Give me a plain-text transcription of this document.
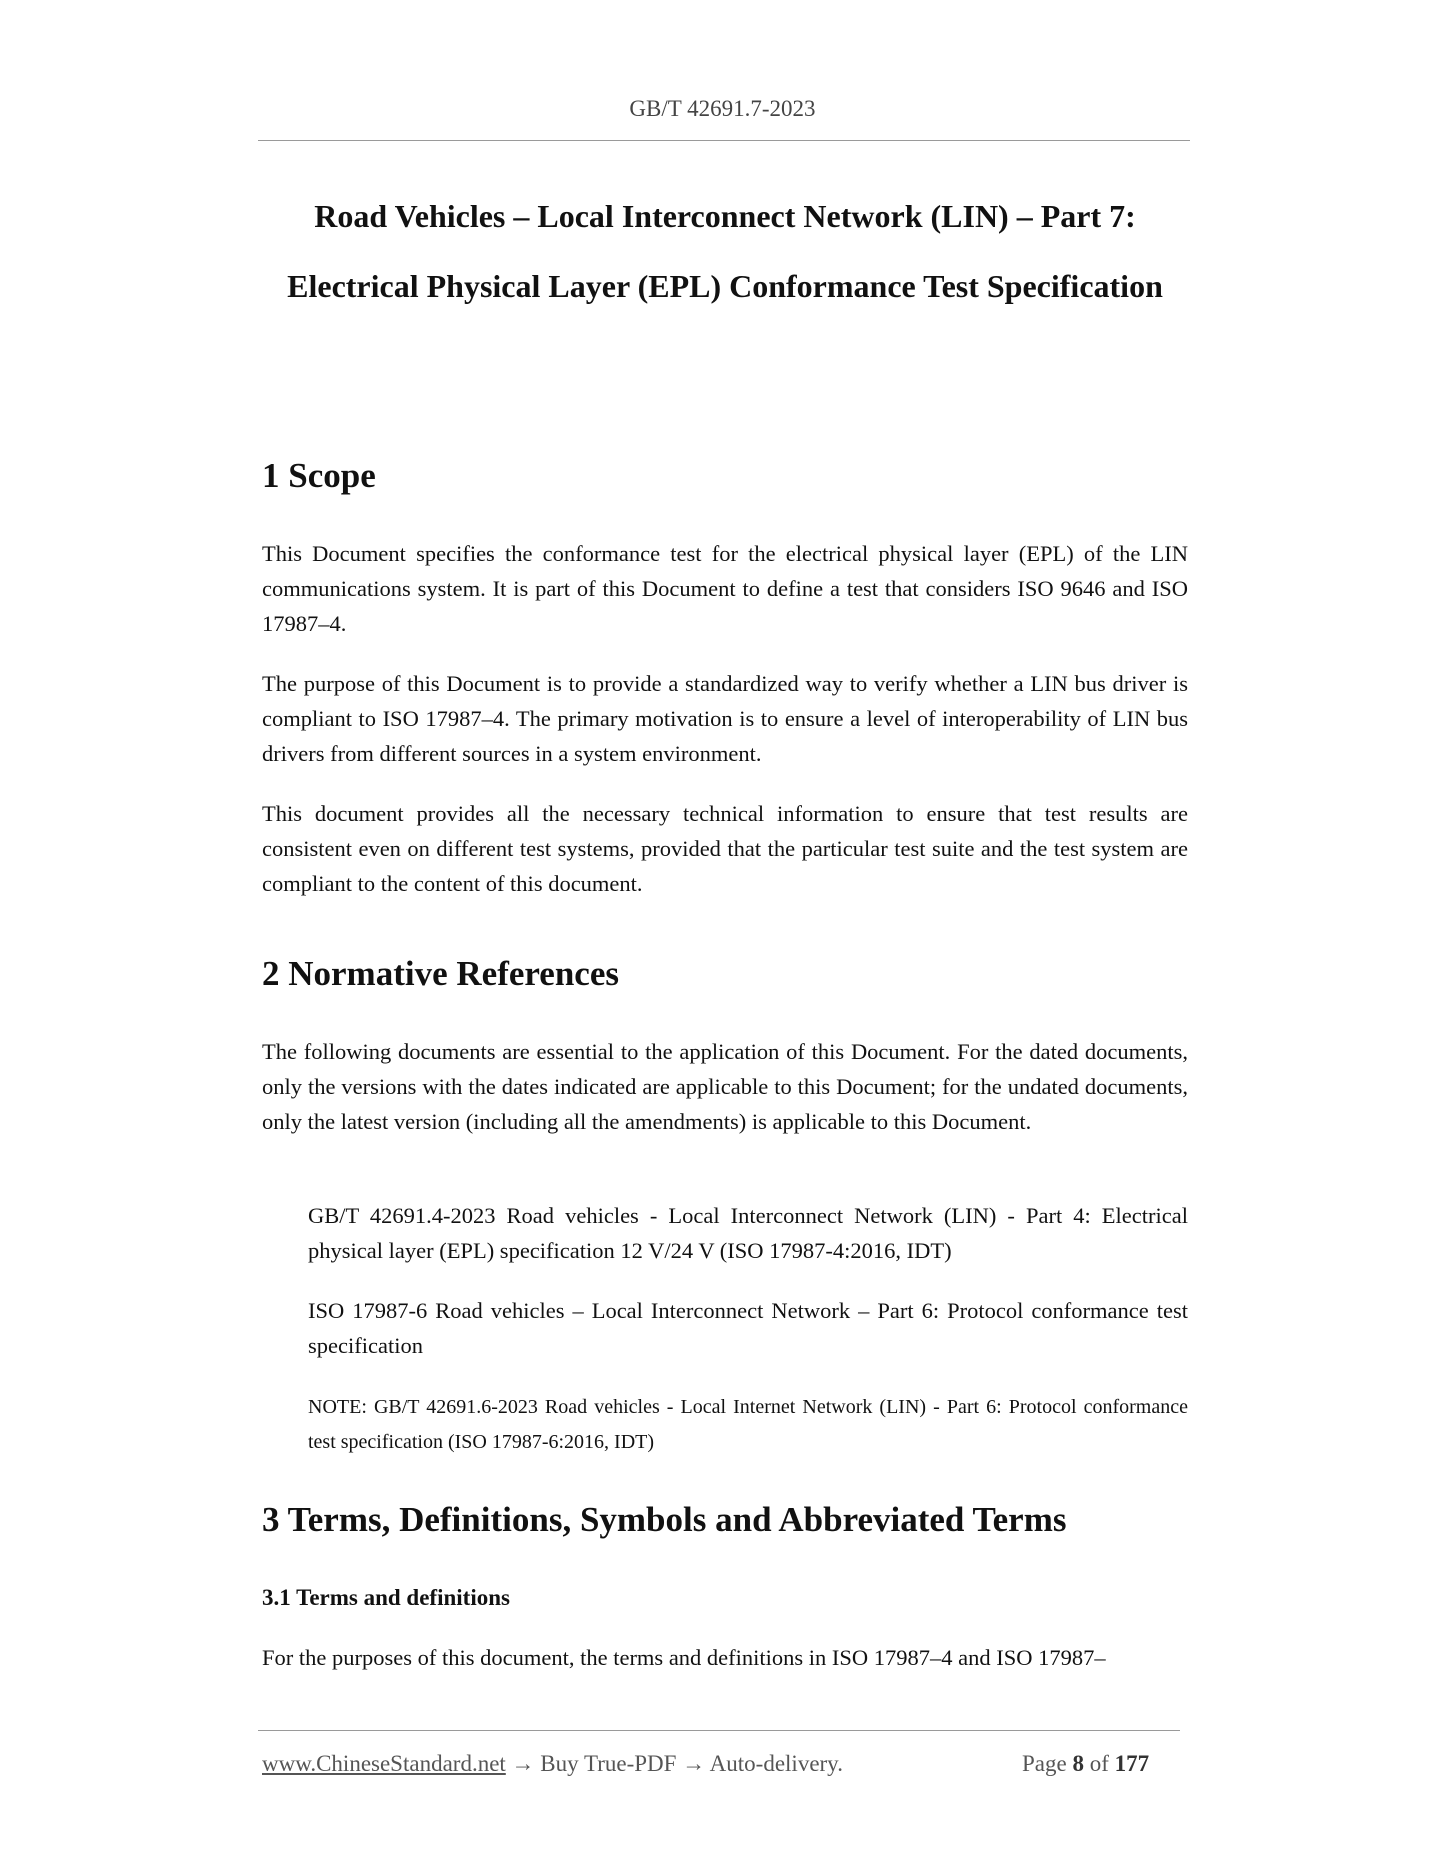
GB/T 42691.7-2023
Road Vehicles – Local Interconnect Network (LIN) – Part 7:
Electrical Physical Layer (EPL) Conformance Test Specification
1 Scope

This Document specifies the conformance test for the electrical physical layer (EPL) of the LIN communications system. It is part of this Document to define a test that considers ISO 9646 and ISO 17987–4.

The purpose of this Document is to provide a standardized way to verify whether a LIN bus driver is compliant to ISO 17987–4. The primary motivation is to ensure a level of interoperability of LIN bus drivers from different sources in a system environment.

This document provides all the necessary technical information to ensure that test results are consistent even on different test systems, provided that the particular test suite and the test system are compliant to the content of this document.

2 Normative References

The following documents are essential to the application of this Document. For the dated documents, only the versions with the dates indicated are applicable to this Document; for the undated documents, only the latest version (including all the amendments) is applicable to this Document.

GB/T 42691.4-2023 Road vehicles - Local Interconnect Network (LIN) - Part 4: Electrical physical layer (EPL) specification 12 V/24 V (ISO 17987-4:2016, IDT)

ISO 17987-6 Road vehicles – Local Interconnect Network – Part 6: Protocol conformance test specification

NOTE: GB/T 42691.6-2023 Road vehicles - Local Internet Network (LIN) - Part 6: Protocol conformance test specification (ISO 17987-6:2016, IDT)

3 Terms, Definitions, Symbols and Abbreviated Terms
3.1 Terms and definitions

For the purposes of this document, the terms and definitions in ISO 17987–4 and ISO 17987–

www.ChineseStandard.net → Buy True-PDF → Auto-delivery.	Page 8 of 177
